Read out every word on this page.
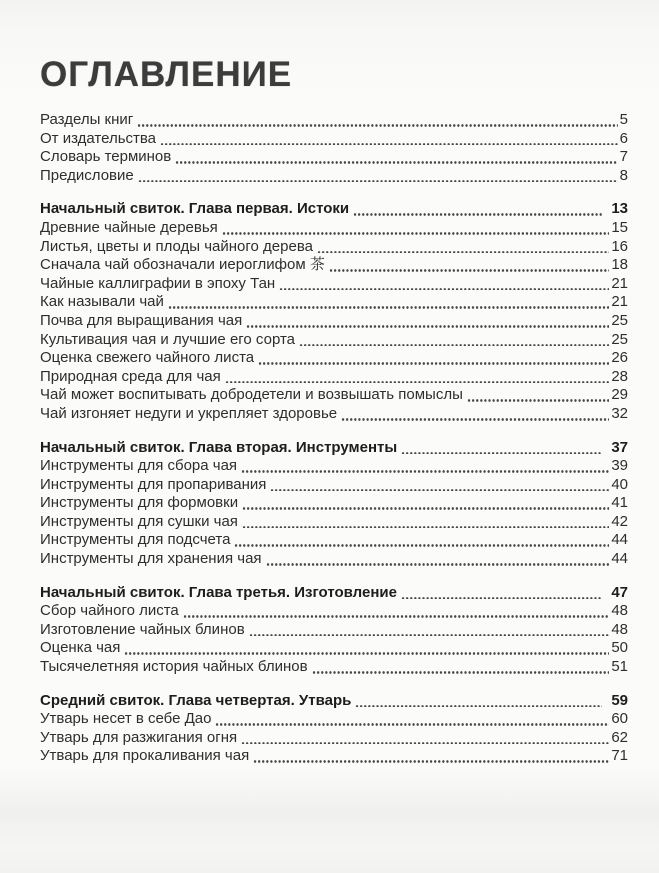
ОГЛАВЛЕНИЕ
Разделы книг	5
От издательства	6
Словарь терминов	7
Предисловие	8
Начальный свиток. Глава первая. Истоки	13
Древние чайные деревья	15
Листья, цветы и плоды чайного дерева	16
Сначала чай обозначали иероглифом 茶	18
Чайные каллиграфии в эпоху Тан	21
Как называли чай	21
Почва для выращивания чая	25
Культивация чая и лучшие его сорта	25
Оценка свежего чайного листа	26
Природная среда для чая	28
Чай может воспитывать добродетели и возвышать помыслы	29
Чай изгоняет недуги и укрепляет здоровье	32
Начальный свиток. Глава вторая. Инструменты	37
Инструменты для сбора чая	39
Инструменты для пропаривания	40
Инструменты для формовки	41
Инструменты для сушки чая	42
Инструменты для подсчета	44
Инструменты для хранения чая	44
Начальный свиток. Глава третья. Изготовление	47
Сбор чайного листа	48
Изготовление чайных блинов	48
Оценка чая	50
Тысячелетняя история чайных блинов	51
Средний свиток. Глава четвертая. Утварь	59
Утварь несет в себе Дао	60
Утварь для разжигания огня	62
Утварь для прокаливания чая	71
